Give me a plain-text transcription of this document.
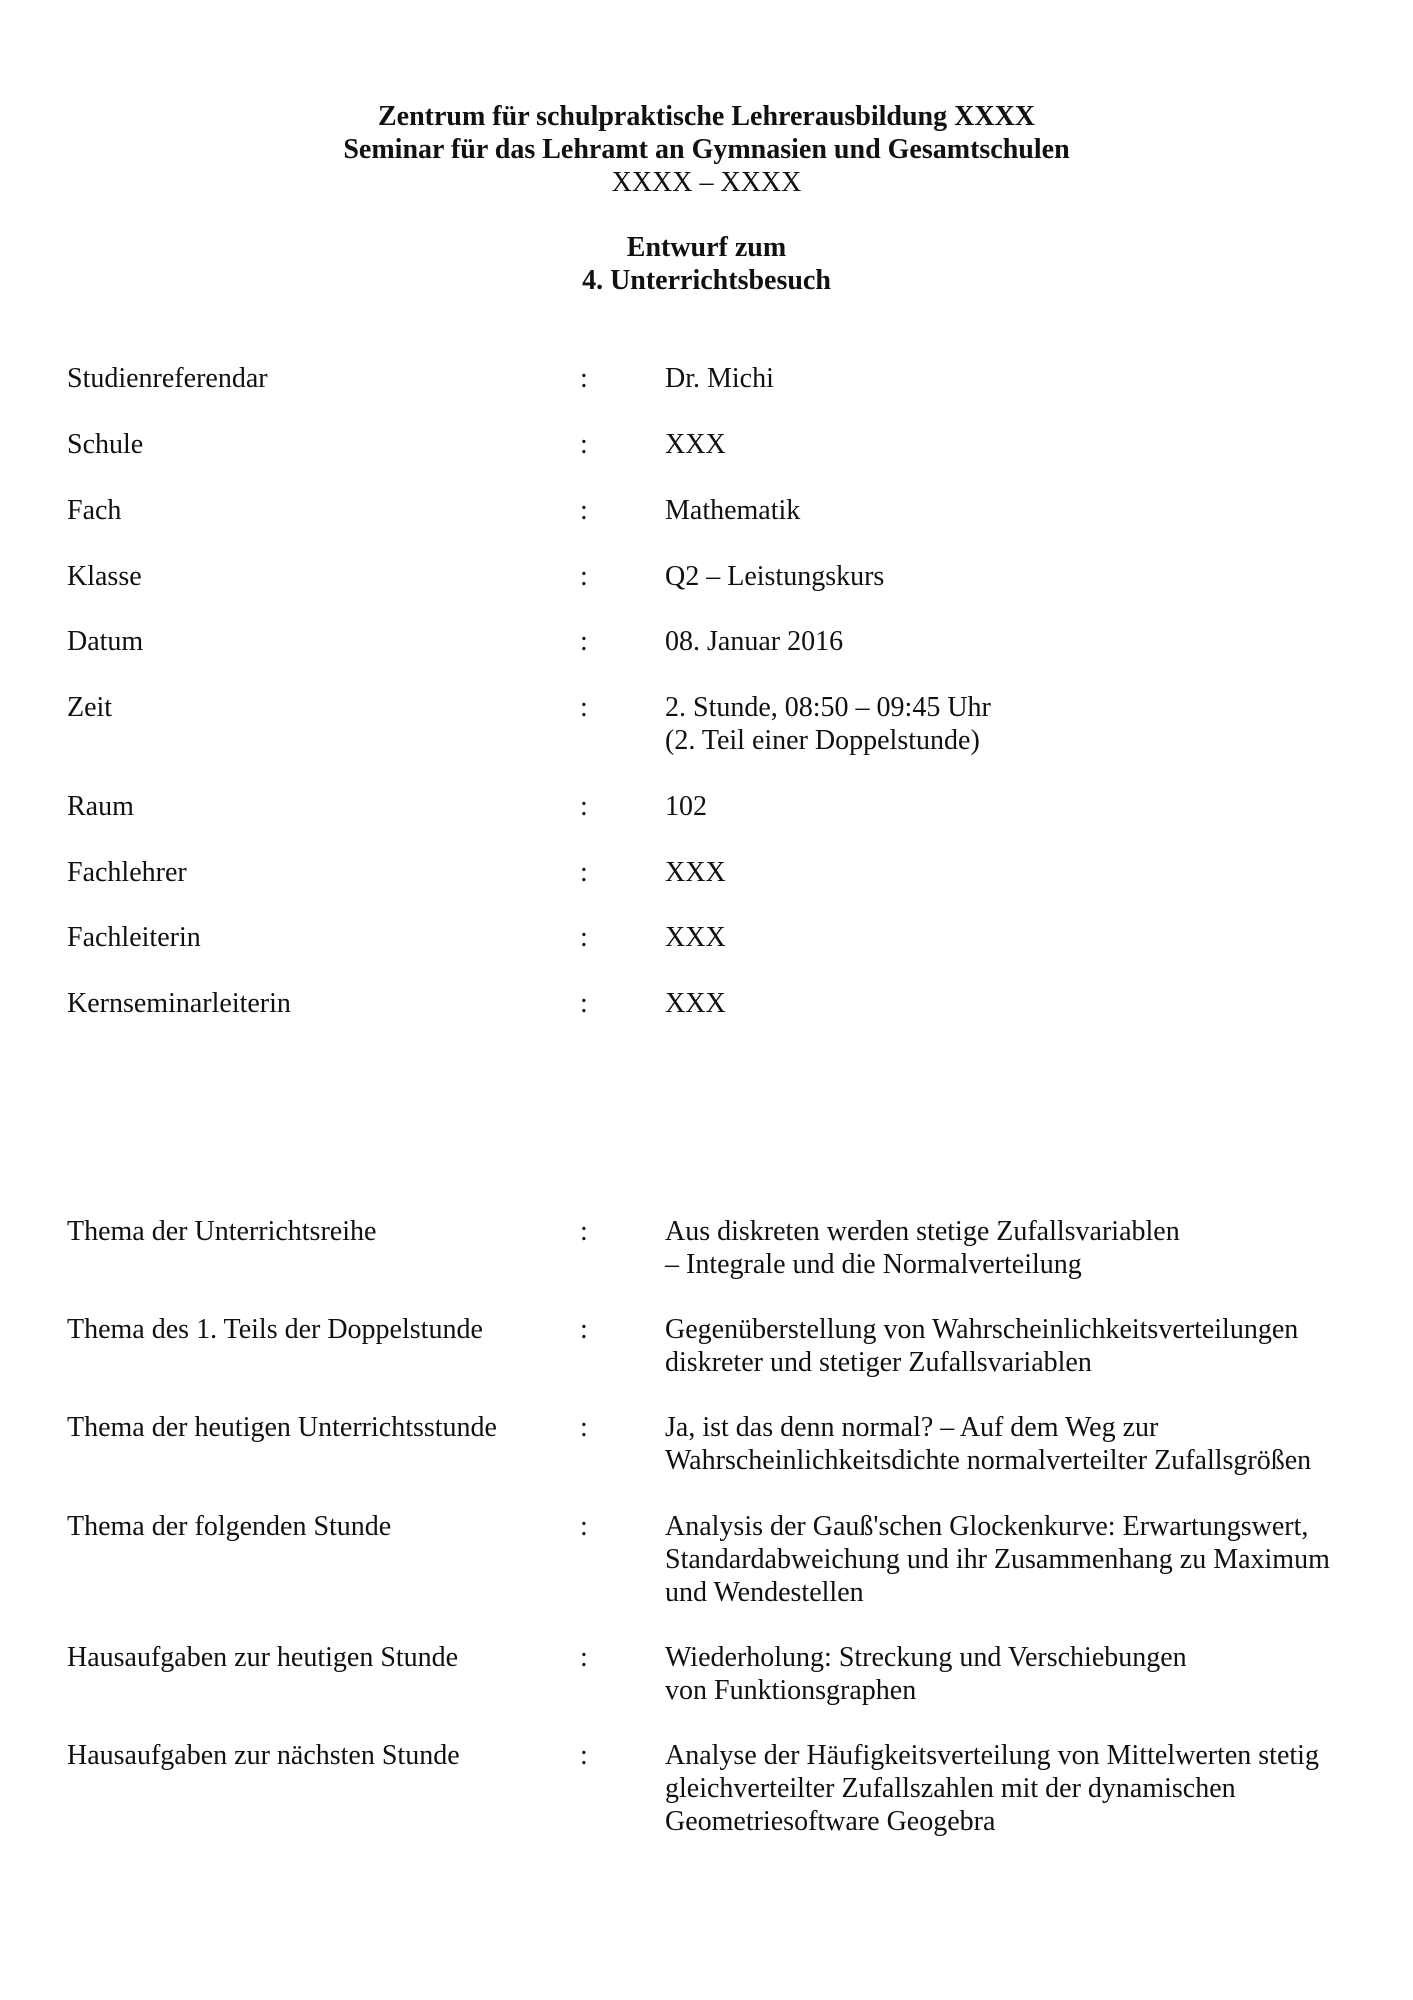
Zentrum für schulpraktische Lehrerausbildung XXXX
Seminar für das Lehramt an Gymnasien und Gesamtschulen
XXXX – XXXX
Entwurf zum
4. Unterrichtsbesuch
Studienreferendar	:	Dr. Michi
Schule	:	XXX
Fach	:	Mathematik
Klasse	:	Q2 – Leistungskurs
Datum	:	08. Januar 2016
Zeit	:	2. Stunde, 08:50 – 09:45 Uhr
(2. Teil einer Doppelstunde)
Raum	:	102
Fachlehrer	:	XXX
Fachleiterin	:	XXX
Kernseminarleiterin	:	XXX
Thema der Unterrichtsreihe	:	Aus diskreten werden stetige Zufallsvariablen
– Integrale und die Normalverteilung
Thema des 1. Teils der Doppelstunde	:	Gegenüberstellung von Wahrscheinlichkeitsverteilungen
diskreter und stetiger Zufallsvariablen
Thema der heutigen Unterrichtsstunde	:	Ja, ist das denn normal? – Auf dem Weg zur
Wahrscheinlichkeitsdichte normalverteilter Zufallsgrößen
Thema der folgenden Stunde	:	Analysis der Gauß'schen Glockenkurve: Erwartungswert,
Standardabweichung und ihr Zusammenhang zu Maximum
und Wendestellen
Hausaufgaben zur heutigen Stunde	:	Wiederholung: Streckung und Verschiebungen
von Funktionsgraphen
Hausaufgaben zur nächsten Stunde	:	Analyse der Häufigkeitsverteilung von Mittelwerten stetig
gleichverteilter Zufallszahlen mit der dynamischen
Geometriesoftware Geogebra
